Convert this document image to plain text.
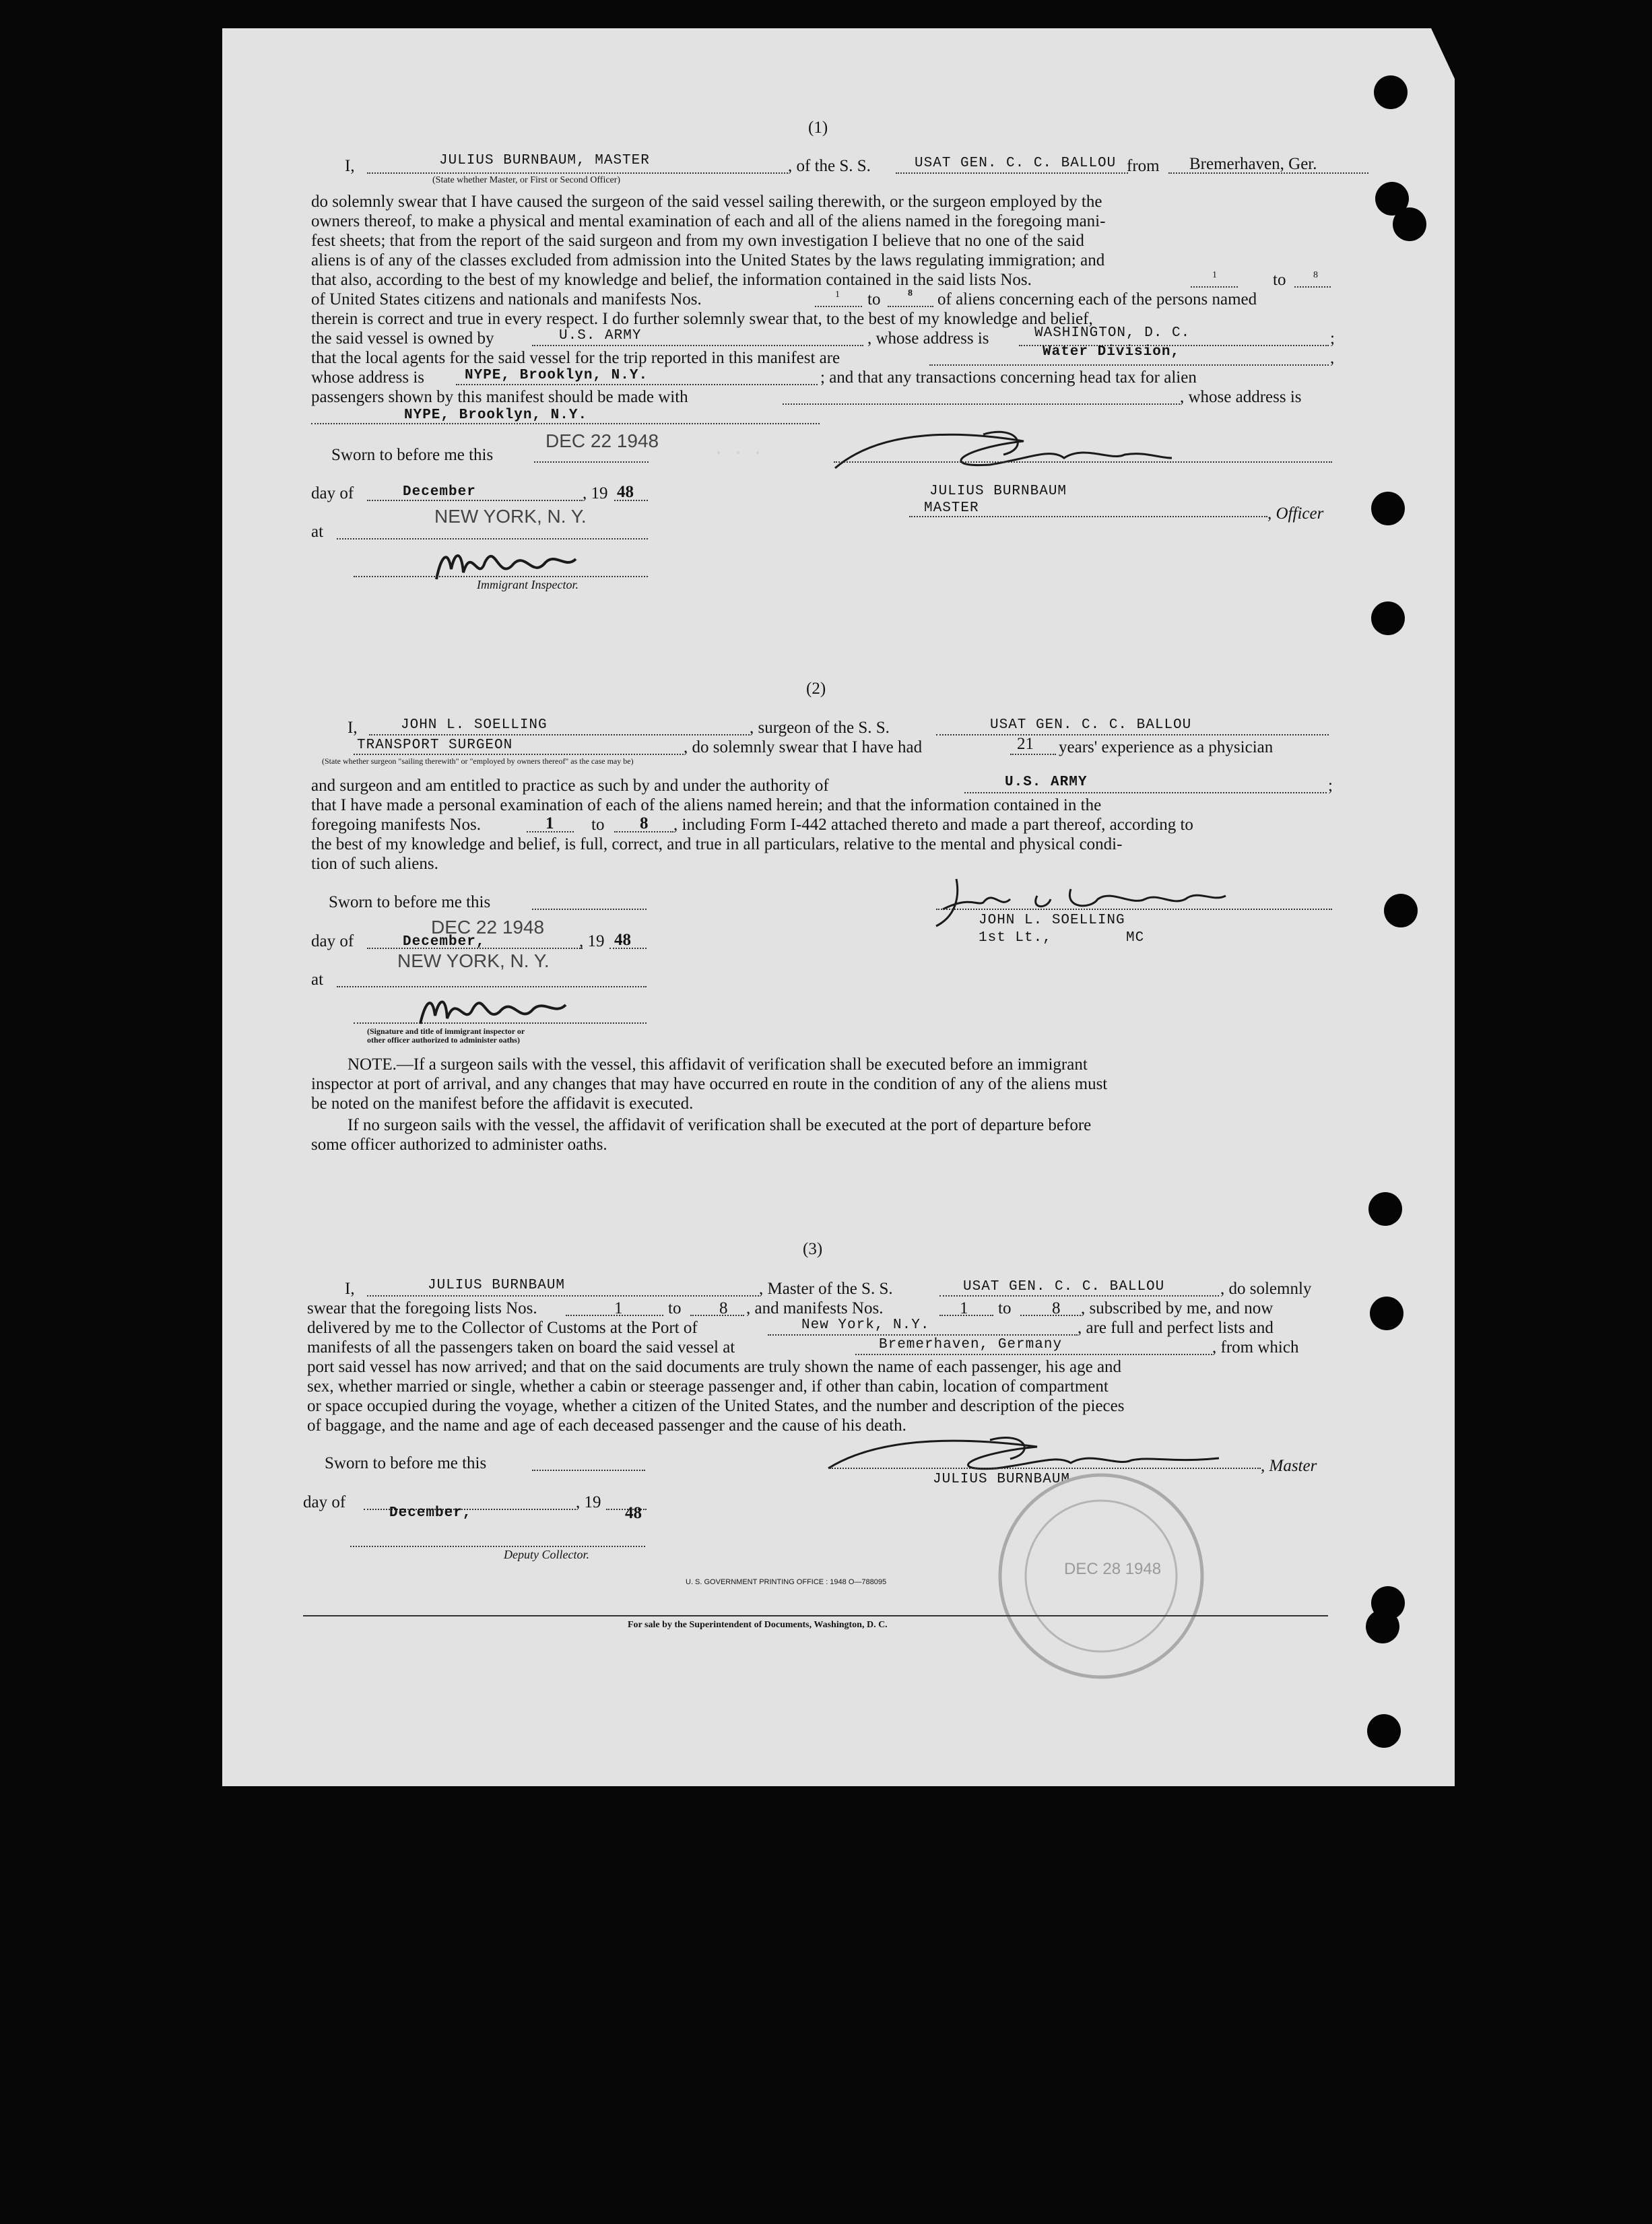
· · ·
(1)
I,	JULIUS BURNBAUM, MASTER
(State whether Master, or First or Second Officer)
, of the S. S.	USAT GEN. C. C. BALLOU from Bremerhaven, Ger.
do solemnly swear that I have caused the surgeon of the said vessel sailing therewith, or the surgeon employed by the
owners thereof, to make a physical and mental examination of each and all of the aliens named in the foregoing mani-
fest sheets; that from the report of the said surgeon and from my own investigation I believe that no one of the said
aliens is of any of the classes excluded from admission into the United States by the laws regulating immigration; and
that also, according to the best of my knowledge and belief, the information contained in the said lists Nos.	1	to	8
of United States citizens and nationals and manifests Nos.	1 to	8 of aliens concerning each of the persons named
therein is correct and true in every respect. I do further solemnly swear that, to the best of my knowledge and belief,
the said vessel is owned by	U.S. ARMY	, whose address is	WASHINGTON, D. C.	;
that the local agents for the said vessel for the trip reported in this manifest are	Water Division,	,
whose address is	NYPE, Brooklyn, N.Y.	; and that any transactions concerning head tax for alien
passengers shown by this manifest should be made with	, whose address is
NYPE, Brooklyn, N.Y.
Sworn to before me this
DEC 22 1948
day of	December	, 19 48
at
NEW YORK, N. Y.
Immigrant Inspector.
JULIUS BURNBAUM
MASTER	, Officer
(2)
I,	JOHN L. SOELLING	, surgeon of the S. S.	USAT GEN. C. C. BALLOU
TRANSPORT SURGEON	, do solemnly swear that I have had	21 years' experience as a physician
(State whether surgeon "sailing therewith" or "employed by owners thereof" as the case may be)
and surgeon and am entitled to practice as such by and under the authority of	U.S. ARMY	;
that I have made a personal examination of each of the aliens named herein; and that the information contained in the
foregoing manifests Nos.	1 to 8 , including Form I-442 attached thereto and made a part thereof, according to
the best of my knowledge and belief, is full, correct, and true in all particulars, relative to the mental and physical condi-
tion of such aliens.
Sworn to before me this
day of
DEC 22 1948
December,	, 19 48
at
NEW YORK, N. Y.
(Signature and title of immigrant inspector or
other officer authorized to administer oaths)
JOHN L. SOELLING
1st Lt.,	MC
NOTE.—If a surgeon sails with the vessel, this affidavit of verification shall be executed before an immigrant
inspector at port of arrival, and any changes that may have occurred en route in the condition of any of the aliens must
be noted on the manifest before the affidavit is executed.
If no surgeon sails with the vessel, the affidavit of verification shall be executed at the port of departure before
some officer authorized to administer oaths.
(3)
I,	JULIUS BURNBAUM	, Master of the S. S.	USAT GEN. C. C. BALLOU	, do solemnly
swear that the foregoing lists Nos.	1	to 8 , and manifests Nos.	1 to 8 , subscribed by me, and now
delivered by me to the Collector of Customs at the Port of	New York, N.Y.	, are full and perfect lists and
manifests of all the passengers taken on board the said vessel at	Bremerhaven, Germany	, from which
port said vessel has now arrived; and that on the said documents are truly shown the name of each passenger, his age and
sex, whether married or single, whether a cabin or steerage passenger and, if other than cabin, location of compartment
or space occupied during the voyage, whether a citizen of the United States, and the number and description of the pieces
of baggage, and the name and age of each deceased passenger and the cause of his death.
Sworn to before me this
day of
December,
, 19
48
Deputy Collector.
, Master
JULIUS BURNBAUM
DEC 28 1948
U. S. GOVERNMENT PRINTING OFFICE : 1948 O—788095
For sale by the Superintendent of Documents, Washington, D. C.
